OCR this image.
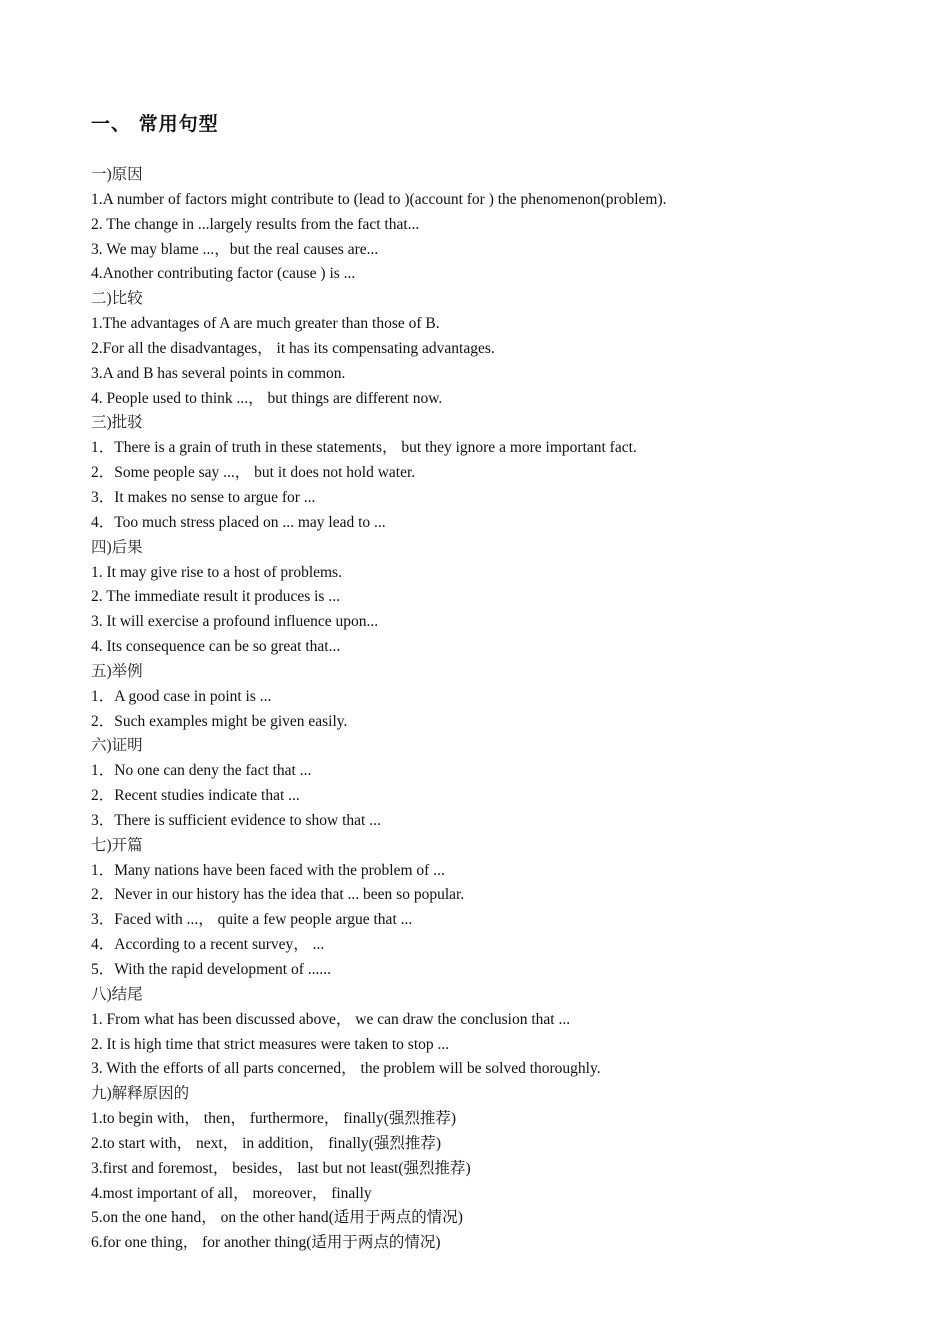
一、 常用句型
一)原因
1.A number of factors might contribute to (lead to )(account for ) the phenomenon(problem).
2. The change in ...largely results from the fact that...
3. We may blame ...，but the real causes are...
4.Another contributing factor (cause ) is ...
二)比较
1.The advantages of A are much greater than those of B.
2.For all the disadvantages， it has its compensating advantages.
3.A and B has several points in common.
4. People used to think ...， but things are different now.
三)批驳
1．There is a grain of truth in these statements， but they ignore a more important fact.
2．Some people say ...， but it does not hold water.
3．It makes no sense to argue for ...
4．Too much stress placed on ... may lead to ...
四)后果
1. It may give rise to a host of problems.
2. The immediate result it produces is ...
3. It will exercise a profound influence upon...
4. Its consequence can be so great that...
五)举例
1．A good case in point is ...
2．Such examples might be given easily.
六)证明
1．No one can deny the fact that ...
2．Recent studies indicate that ...
3．There is sufficient evidence to show that ...
七)开篇
1．Many nations have been faced with the problem of ...
2．Never in our history has the idea that ... been so popular.
3．Faced with ...， quite a few people argue that ...
4．According to a recent survey， ...
5．With the rapid development of ......
八)结尾
1. From what has been discussed above， we can draw the conclusion that ...
2. It is high time that strict measures were taken to stop ...
3. With the efforts of all parts concerned， the problem will be solved thoroughly.
九)解释原因的
1.to begin with， then， furthermore， finally(强烈推荐)
2.to start with， next， in addition， finally(强烈推荐)
3.first and foremost， besides， last but not least(强烈推荐)
4.most important of all， moreover， finally
5.on the one hand， on the other hand(适用于两点的情况)
6.for one thing， for another thing(适用于两点的情况)
